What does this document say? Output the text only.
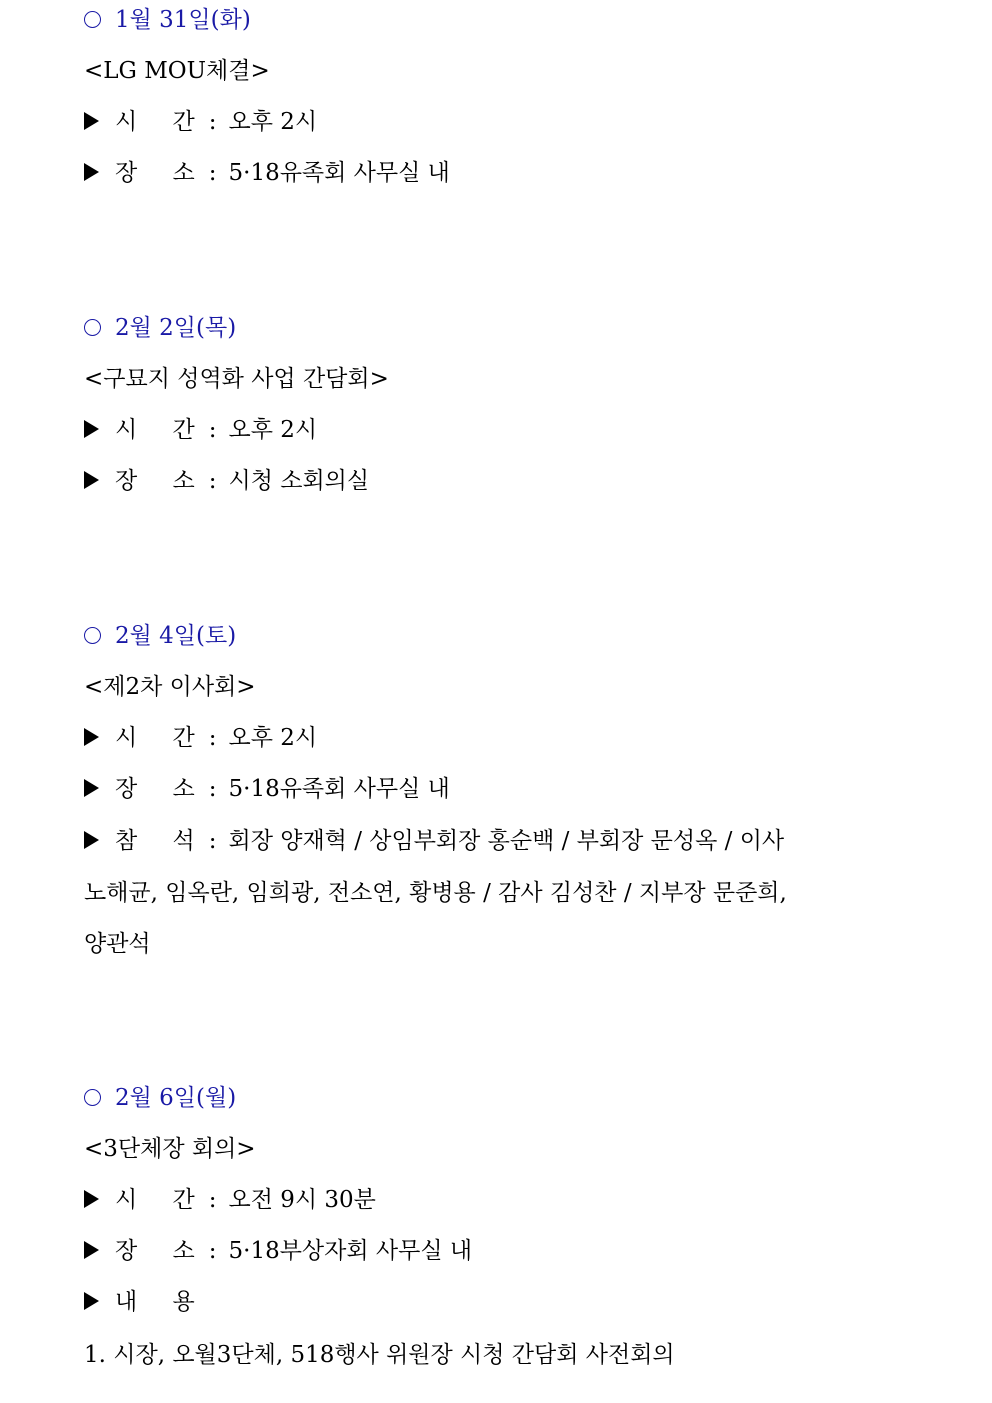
1월 31일(화)
<LG MOU체결>
시 간: 오후 2시
장 소: 5·18유족회 사무실 내
2월 2일(목)
<구묘지 성역화 사업 간담회>
시 간: 오후 2시
장 소: 시청 소회의실
2월 4일(토)
<제2차 이사회>
시 간: 오후 2시
장 소: 5·18유족회 사무실 내
참 석: 회장 양재혁 / 상임부회장 홍순백 / 부회장 문성옥 / 이사
노해균, 임옥란, 임희광, 전소연, 황병용 / 감사 김성찬 / 지부장 문준희,
양관석
2월 6일(월)
<3단체장 회의>
시 간: 오전 9시 30분
장 소: 5·18부상자회 사무실 내
내 용
1. 시장, 오월3단체, 518행사 위원장 시청 간담회 사전회의
